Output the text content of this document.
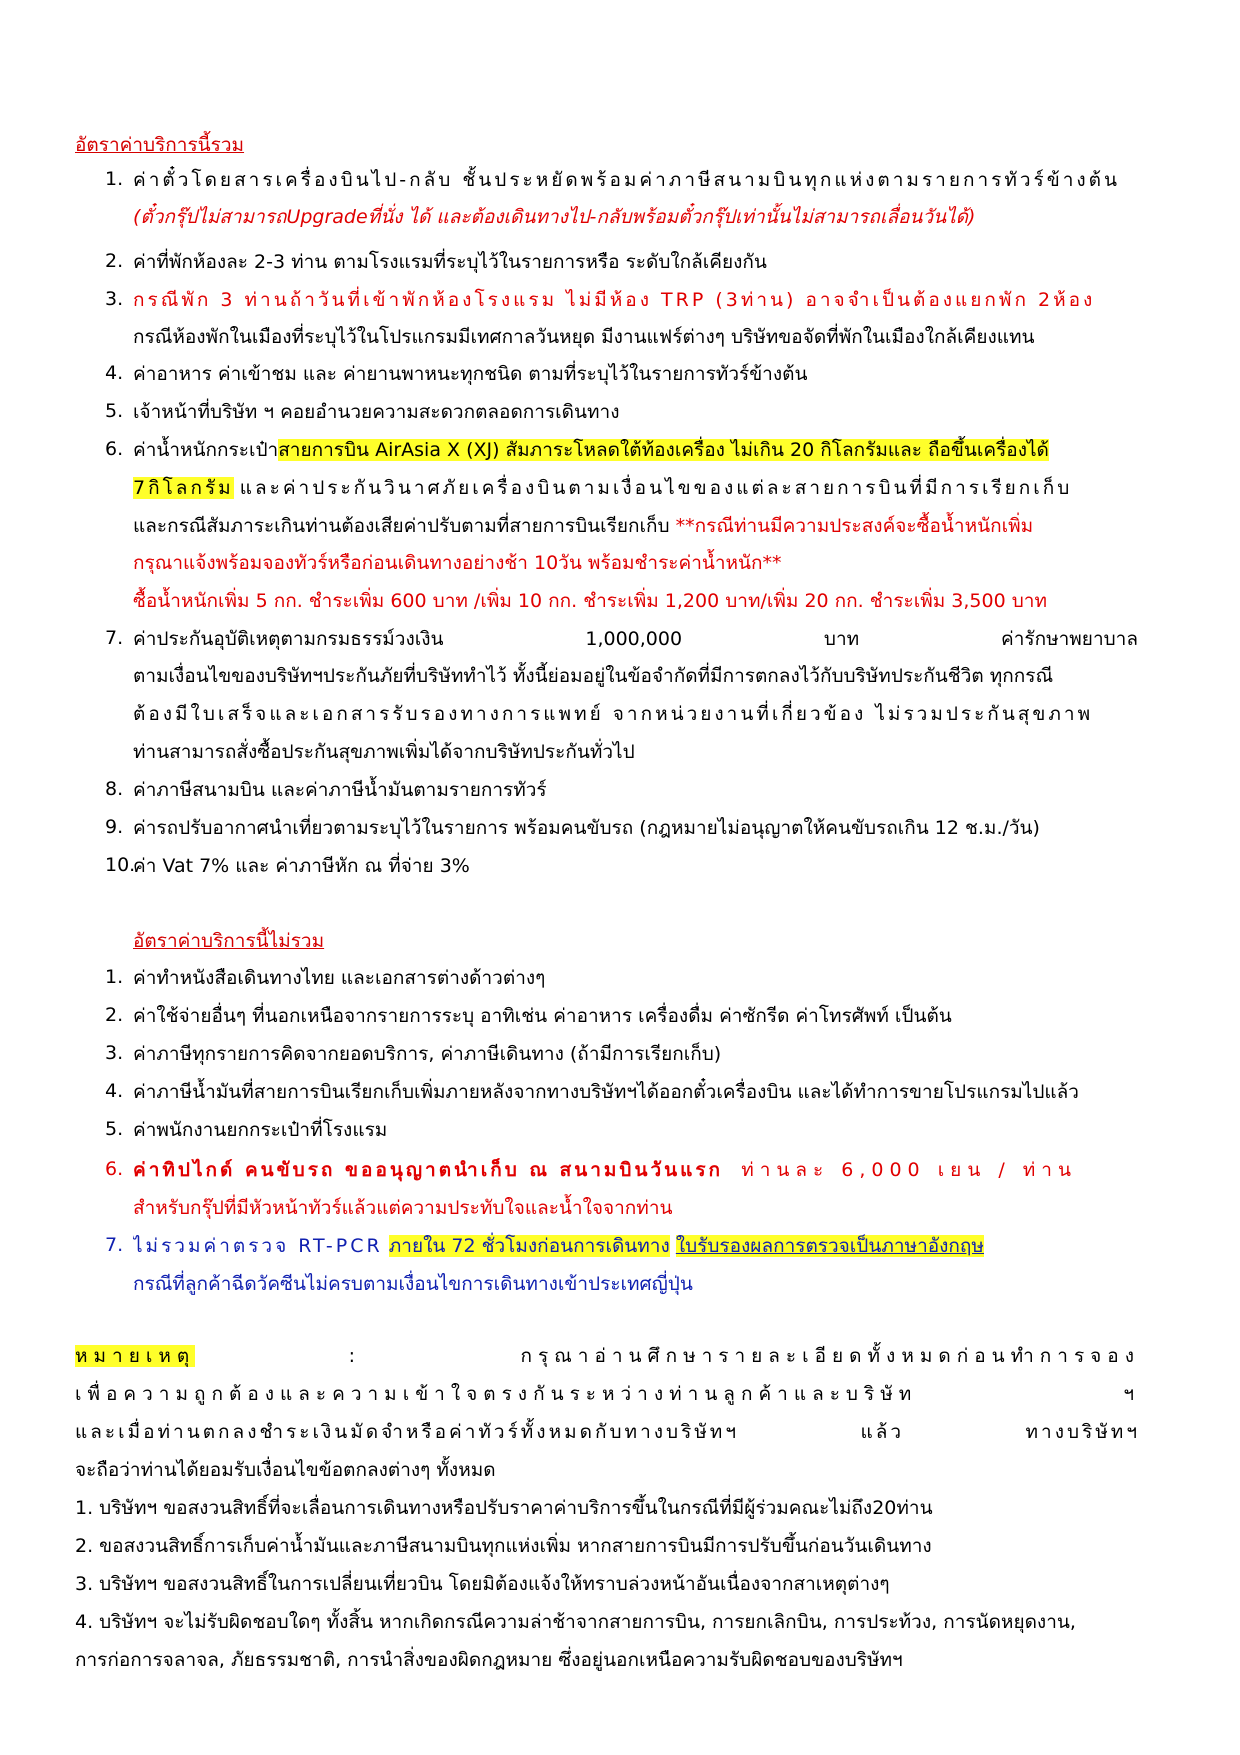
อัตราค่าบริการนี้รวม
1. ค่าตั๋วโดยสารเครื่องบินไป-กลับ ชั้นประหยัดพร้อมค่าภาษีสนามบินทุกแห่งตามรายการทัวร์ข้างต้น
(ตั๋วกรุ๊ปไม่สามารถUpgradeที่นั่ง ได้ และต้องเดินทางไป-กลับพร้อมตั๋วกรุ๊ปเท่านั้นไม่สามารถเลื่อนวันได้)
2. ค่าที่พักห้องละ 2-3 ท่าน ตามโรงแรมที่ระบุไว้ในรายการหรือ ระดับใกล้เคียงกัน
3. กรณีพัก 3 ท่านถ้าวันที่เข้าพักห้องโรงแรม ไม่มีห้อง TRP (3ท่าน) อาจจำเป็นต้องแยกพัก 2ห้อง
กรณีห้องพักในเมืองที่ระบุไว้ในโปรแกรมมีเทศกาลวันหยุด มีงานแฟร์ต่างๆ บริษัทขอจัดที่พักในเมืองใกล้เคียงแทน
4. ค่าอาหาร ค่าเข้าชม และ ค่ายานพาหนะทุกชนิด ตามที่ระบุไว้ในรายการทัวร์ข้างต้น
5. เจ้าหน้าที่บริษัท ฯ คอยอำนวยความสะดวกตลอดการเดินทาง
6. ค่าน้ำหนักกระเป๋าสายการบิน AirAsia X (XJ) สัมภาระโหลดใต้ท้องเครื่อง ไม่เกิน 20 กิโลกรัมและ ถือขึ้นเครื่องได้
7กิโลกรัม และค่าประกันวินาศภัยเครื่องบินตามเงื่อนไขของแต่ละสายการบินที่มีการเรียกเก็บ
และกรณีสัมภาระเกินท่านต้องเสียค่าปรับตามที่สายการบินเรียกเก็บ **กรณีท่านมีความประสงค์จะซื้อน้ำหนักเพิ่ม
กรุณาแจ้งพร้อมจองทัวร์หรือก่อนเดินทางอย่างช้า 10วัน พร้อมชำระค่าน้ำหนัก**
ซื้อน้ำหนักเพิ่ม 5 กก. ชำระเพิ่ม 600 บาท /เพิ่ม 10 กก. ชำระเพิ่ม 1,200 บาท/เพิ่ม 20 กก. ชำระเพิ่ม 3,500 บาท
7. ค่าประกันอุบัติเหตุตามกรมธรรม์วงเงิน 1,000,000 บาท ค่ารักษาพยาบาล
ตามเงื่อนไขของบริษัทฯประกันภัยที่บริษัททำไว้ ทั้งนี้ย่อมอยู่ในข้อจำกัดที่มีการตกลงไว้กับบริษัทประกันชีวิต ทุกกรณี
ต้องมีใบเสร็จและเอกสารรับรองทางการแพทย์ จากหน่วยงานที่เกี่ยวข้อง ไม่รวมประกันสุขภาพ
ท่านสามารถสั่งซื้อประกันสุขภาพเพิ่มได้จากบริษัทประกันทั่วไป
8. ค่าภาษีสนามบิน และค่าภาษีน้ำมันตามรายการทัวร์
9. ค่ารถปรับอากาศนำเที่ยวตามระบุไว้ในรายการ พร้อมคนขับรถ (กฎหมายไม่อนุญาตให้คนขับรถเกิน 12 ช.ม./วัน)
10.
ค่า Vat 7% และ ค่าภาษีหัก ณ ที่จ่าย 3%
อัตราค่าบริการนี้ไม่รวม
1. ค่าทำหนังสือเดินทางไทย และเอกสารต่างด้าวต่างๆ
2. ค่าใช้จ่ายอื่นๆ ที่นอกเหนือจากรายการระบุ อาทิเช่น ค่าอาหาร เครื่องดื่ม ค่าซักรีด ค่าโทรศัพท์ เป็นต้น
3. ค่าภาษีทุกรายการคิดจากยอดบริการ, ค่าภาษีเดินทาง (ถ้ามีการเรียกเก็บ)
4. ค่าภาษีน้ำมันที่สายการบินเรียกเก็บเพิ่มภายหลังจากทางบริษัทฯได้ออกตั๋วเครื่องบิน และได้ทำการขายโปรแกรมไปแล้ว
5. ค่าพนักงานยกกระเป๋าที่โรงแรม
6. ค่าทิปไกด์ คนขับรถ ขออนุญาตนำเก็บ ณ สนามบินวันแรก ท่านละ 6,000 เยน / ท่าน
สำหรับกรุ๊ปที่มีหัวหน้าทัวร์แล้วแต่ความประทับใจและน้ำใจจากท่าน
7. ไม่รวมค่าตรวจ RT-PCR ภายใน 72 ชั่วโมงก่อนการเดินทาง ใบรับรองผลการตรวจเป็นภาษาอังกฤษ
กรณีที่ลูกค้าฉีดวัคซีนไม่ครบตามเงื่อนไขการเดินทางเข้าประเทศญี่ปุ่น
หมายเหตุ	: กรุณาอ่านศึกษารายละเอียดทั้งหมดก่อนทำการจอง
เพื่อความถูกต้องและความเข้าใจตรงกันระหว่างท่านลูกค้าและบริษัท ฯ
และเมื่อท่านตกลงชำระเงินมัดจำหรือค่าทัวร์ทั้งหมดกับทางบริษัทฯ แล้ว ทางบริษัทฯ
จะถือว่าท่านได้ยอมรับเงื่อนไขข้อตกลงต่างๆ ทั้งหมด
1. บริษัทฯ ขอสงวนสิทธิ์ที่จะเลื่อนการเดินทางหรือปรับราคาค่าบริการขึ้นในกรณีที่มีผู้ร่วมคณะไม่ถึง20ท่าน
2. ขอสงวนสิทธิ์การเก็บค่าน้ำมันและภาษีสนามบินทุกแห่งเพิ่ม หากสายการบินมีการปรับขึ้นก่อนวันเดินทาง
3. บริษัทฯ ขอสงวนสิทธิ์ในการเปลี่ยนเที่ยวบิน โดยมิต้องแจ้งให้ทราบล่วงหน้าอันเนื่องจากสาเหตุต่างๆ
4. บริษัทฯ จะไม่รับผิดชอบใดๆ ทั้งสิ้น หากเกิดกรณีความล่าช้าจากสายการบิน, การยกเลิกบิน, การประท้วง, การนัดหยุดงาน,
การก่อการจลาจล, ภัยธรรมชาติ, การนำสิ่งของผิดกฎหมาย ซึ่งอยู่นอกเหนือความรับผิดชอบของบริษัทฯ
